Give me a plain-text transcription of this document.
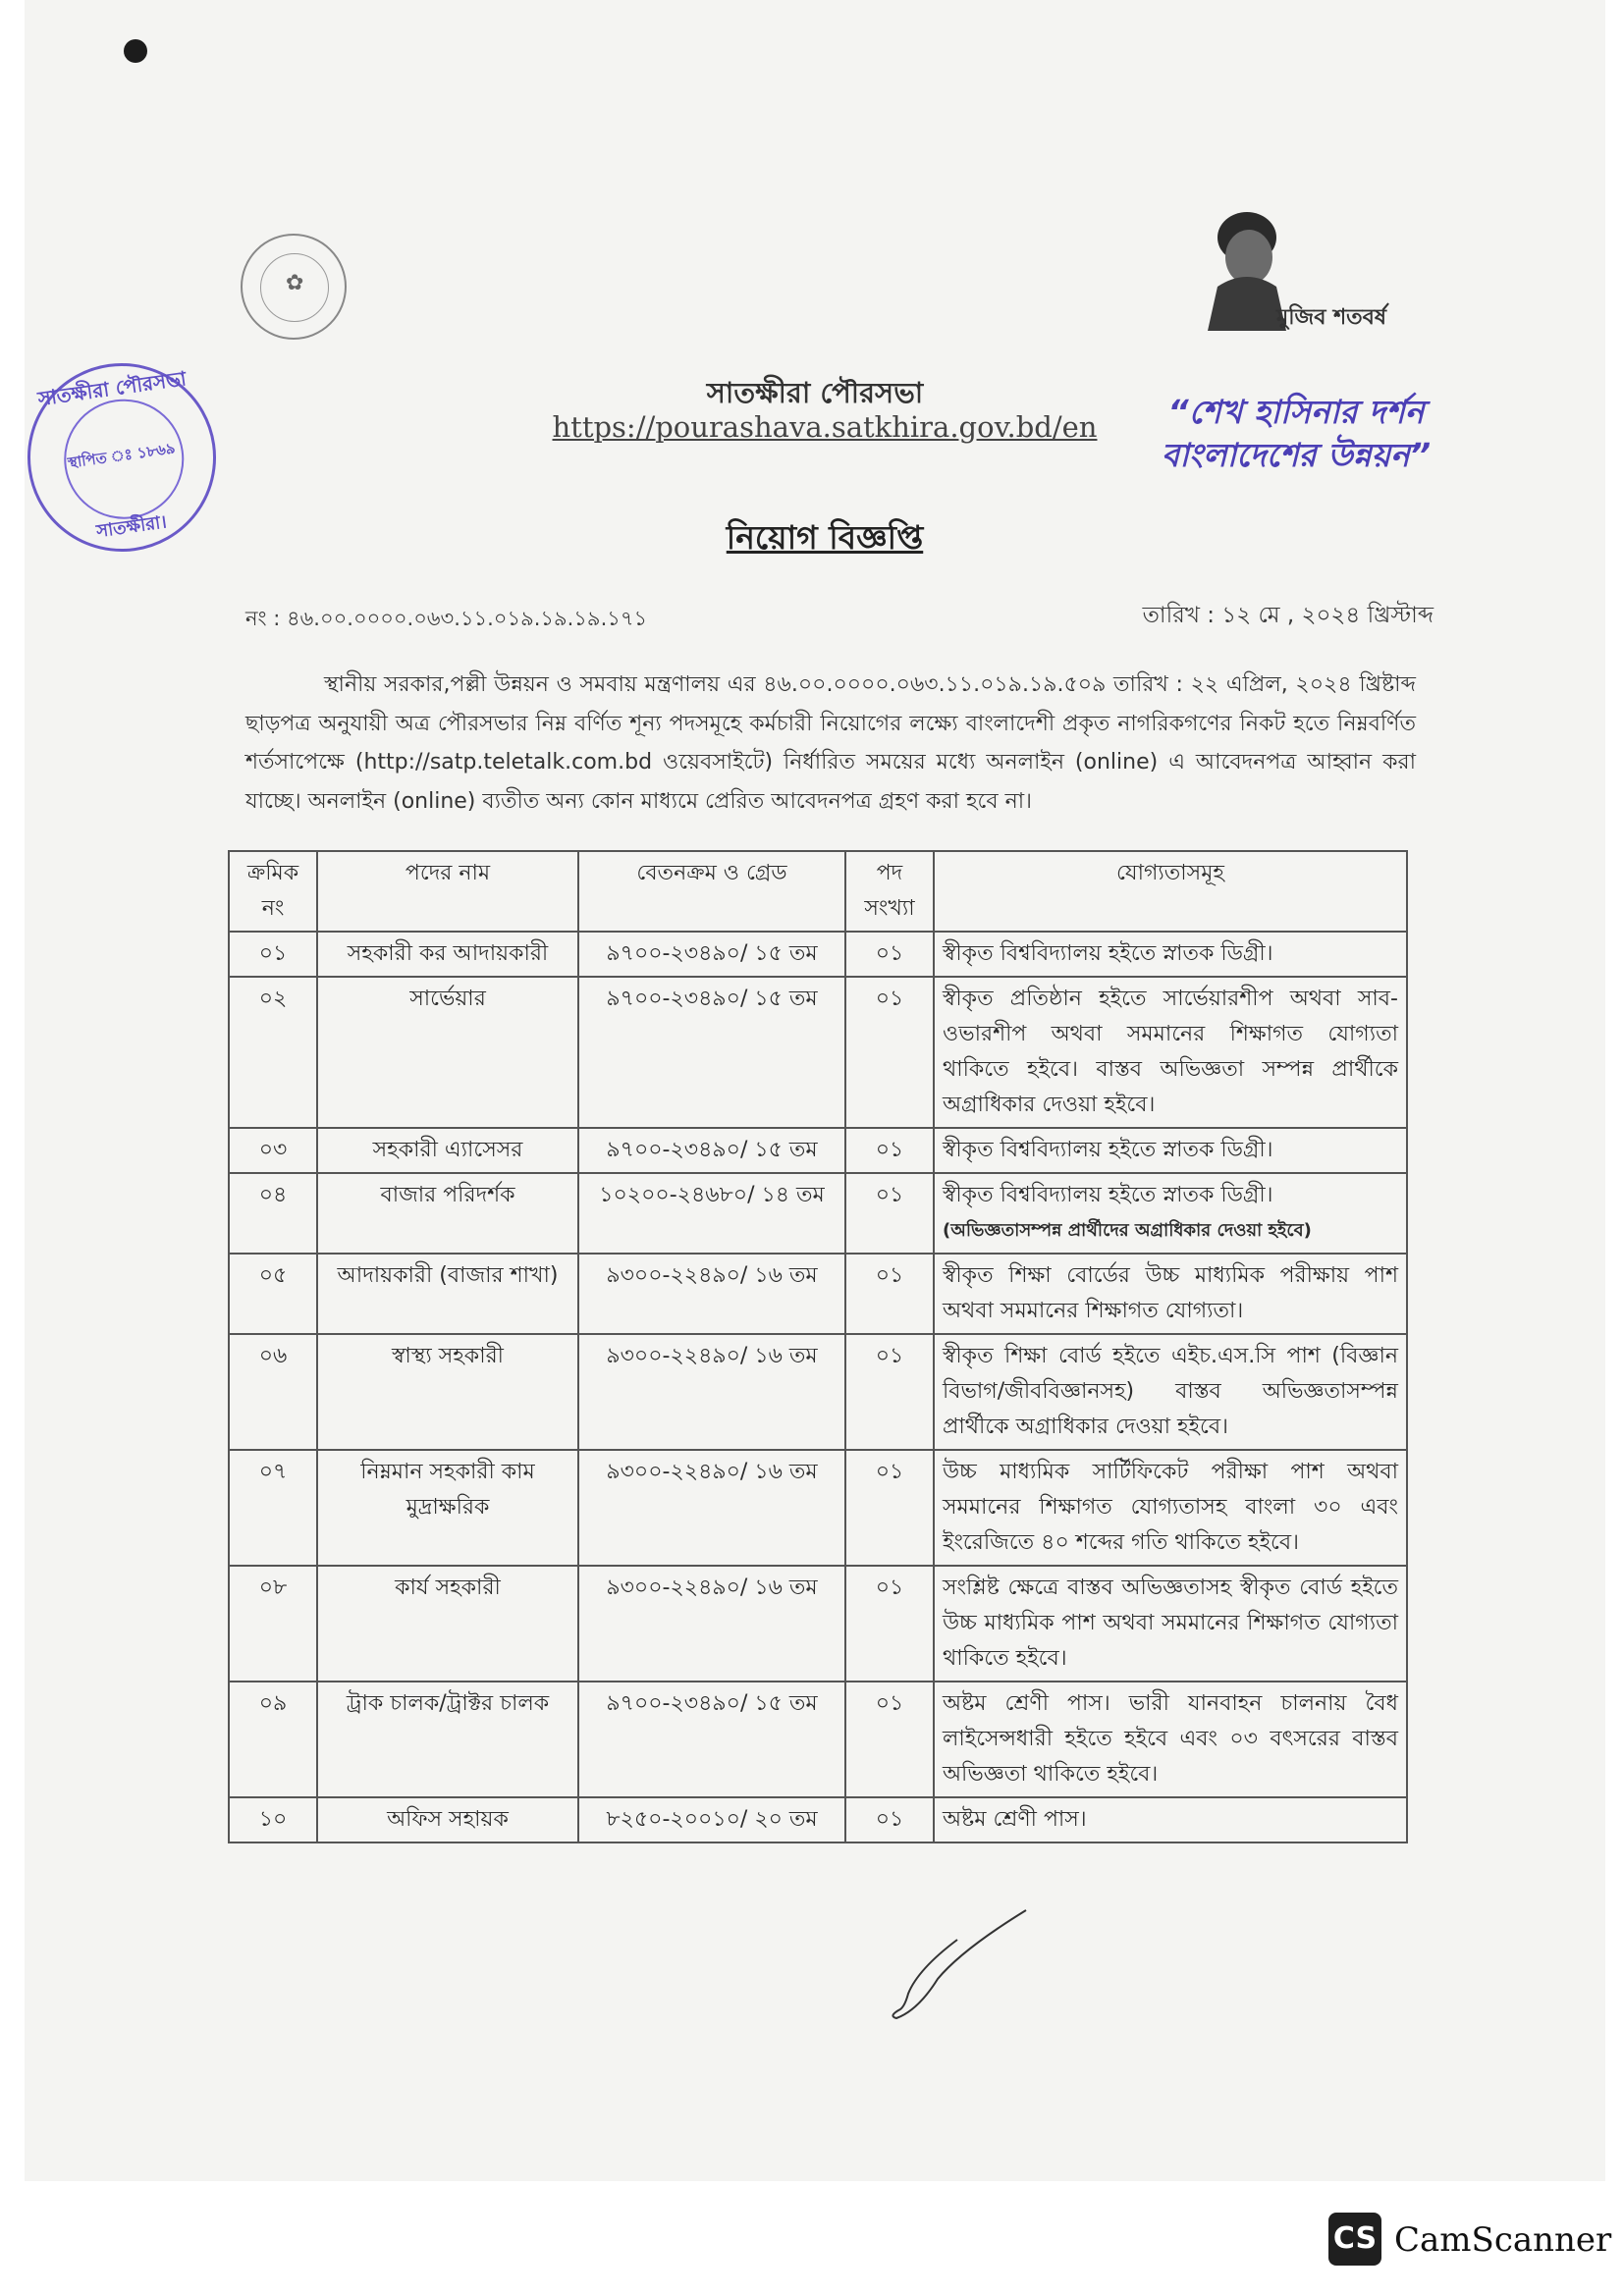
✿
সাতক্ষীরা পৌরসভা
স্থাপিত ঃ ১৮৬৯
সাতক্ষীরা।
মুজিব শতবর্ষ
সাতক্ষীরা পৌরসভা
https://pourashava.satkhira.gov.bd/en	“শেখ হাসিনার দর্শন
বাংলাদেশের উন্নয়ন”
নিয়োগ বিজ্ঞপ্তি
নং : ৪৬.০০.০০০০.০৬৩.১১.০১৯.১৯.১৯.১৭১	তারিখ : ১২ মে , ২০২৪ খ্রিস্টাব্দ
স্থানীয় সরকার,পল্লী উন্নয়ন ও সমবায় মন্ত্রণালয় এর ৪৬.০০.০০০০.০৬৩.১১.০১৯.১৯.৫০৯ তারিখ : ২২ এপ্রিল, ২০২৪ খ্রিষ্টাব্দ ছাড়পত্র অনুযায়ী অত্র পৌরসভার নিম্ন বর্ণিত শূন্য পদসমূহে কর্মচারী নিয়োগের লক্ষ্যে বাংলাদেশী প্রকৃত নাগরিকগণের নিকট হতে নিম্নবর্ণিত শর্তসাপেক্ষে (http://satp.teletalk.com.bd ওয়েবসাইটে) নির্ধারিত সময়ের মধ্যে অনলাইন (online) এ আবেদনপত্র আহ্বান করা যাচ্ছে। অনলাইন (online) ব্যতীত অন্য কোন মাধ্যমে প্রেরিত আবেদনপত্র গ্রহণ করা হবে না।
ক্রমিক নং	পদের নাম	বেতনক্রম ও গ্রেড	পদ সংখ্যা	যোগ্যতাসমূহ
০১	সহকারী কর আদায়কারী	৯৭০০-২৩৪৯০/ ১৫ তম	০১	স্বীকৃত বিশ্ববিদ্যালয় হইতে স্নাতক ডিগ্রী।
০২	সার্ভেয়ার	৯৭০০-২৩৪৯০/ ১৫ তম	০১	স্বীকৃত প্রতিষ্ঠান হইতে সার্ভেয়ারশীপ অথবা সাব-ওভারশীপ অথবা সমমানের শিক্ষাগত যোগ্যতা থাকিতে হইবে। বাস্তব অভিজ্ঞতা সম্পন্ন প্রার্থীকে অগ্রাধিকার দেওয়া হইবে।
০৩	সহকারী এ্যাসেসর	৯৭০০-২৩৪৯০/ ১৫ তম	০১	স্বীকৃত বিশ্ববিদ্যালয় হইতে স্নাতক ডিগ্রী।
০৪	বাজার পরিদর্শক	১০২০০-২৪৬৮০/ ১৪ তম	০১	স্বীকৃত বিশ্ববিদ্যালয় হইতে স্নাতক ডিগ্রী।
(অভিজ্ঞতাসম্পন্ন প্রার্থীদের অগ্রাধিকার দেওয়া হইবে)

০৫	আদায়কারী (বাজার শাখা)	৯৩০০-২২৪৯০/ ১৬ তম	০১	স্বীকৃত শিক্ষা বোর্ডের উচ্চ মাধ্যমিক পরীক্ষায় পাশ অথবা সমমানের শিক্ষাগত যোগ্যতা।
০৬	স্বাস্থ্য সহকারী	৯৩০০-২২৪৯০/ ১৬ তম	০১	স্বীকৃত শিক্ষা বোর্ড হইতে এইচ.এস.সি পাশ (বিজ্ঞান বিভাগ/জীববিজ্ঞানসহ) বাস্তব অভিজ্ঞতাসম্পন্ন প্রার্থীকে অগ্রাধিকার দেওয়া হইবে।
০৭	নিম্নমান সহকারী কাম মুদ্রাক্ষরিক	৯৩০০-২২৪৯০/ ১৬ তম	০১	উচ্চ মাধ্যমিক সার্টিফিকেট পরীক্ষা পাশ অথবা সমমানের শিক্ষাগত যোগ্যতাসহ বাংলা ৩০ এবং ইংরেজিতে ৪০ শব্দের গতি থাকিতে হইবে।
০৮	কার্য সহকারী	৯৩০০-২২৪৯০/ ১৬ তম	০১	সংশ্লিষ্ট ক্ষেত্রে বাস্তব অভিজ্ঞতাসহ স্বীকৃত বোর্ড হইতে উচ্চ মাধ্যমিক পাশ অথবা সমমানের শিক্ষাগত যোগ্যতা থাকিতে হইবে।
০৯	ট্রাক চালক/ট্রাক্টর চালক	৯৭০০-২৩৪৯০/ ১৫ তম	০১	অষ্টম শ্রেণী পাস। ভারী যানবাহন চালনায় বৈধ লাইসেন্সধারী হইতে হইবে এবং ০৩ বৎসরের বাস্তব অভিজ্ঞতা থাকিতে হইবে।
১০	অফিস সহায়ক	৮২৫০-২০০১০/ ২০ তম	০১	অষ্টম শ্রেণী পাস।
CS CamScanner
